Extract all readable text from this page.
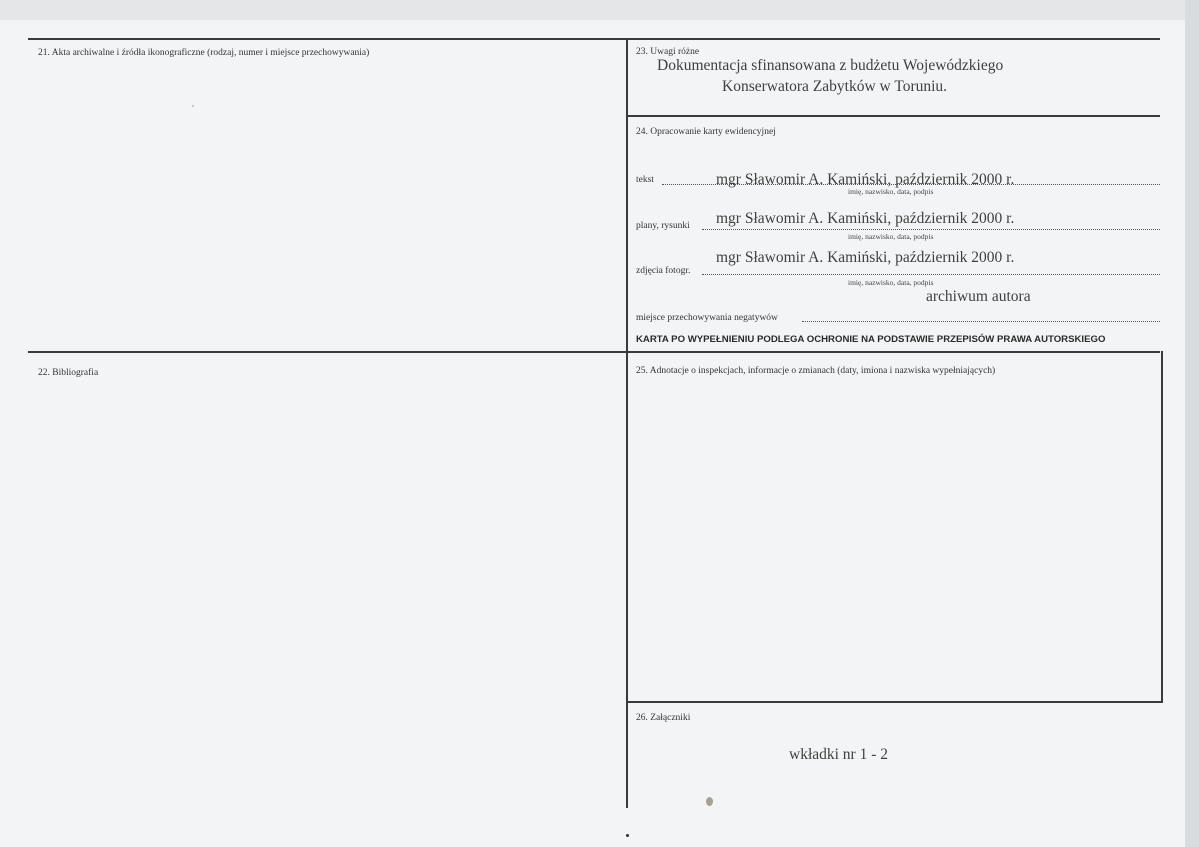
21. Akta archiwalne i źródła ikonograficzne (rodzaj, numer i miejsce przechowywania)
22. Bibliografia
23. Uwagi różne
Dokumentacja sfinansowana z budżetu Wojewódzkiego
Konserwatora Zabytków w Toruniu.
24. Opracowanie karty ewidencyjnej
tekst	mgr Sławomir A. Kamiński, październik 2000 r.
imię, nazwisko, data, podpis
plany, rysunki mgr Sławomir A. Kamiński, październik 2000 r.
imię, nazwisko, data, podpis
zdjęcia fotogr.
mgr Sławomir A. Kamiński, październik 2000 r.
imię, nazwisko, data, podpis
archiwum autora
miejsce przechowywania negatywów
KARTA PO WYPEŁNIENIU PODLEGA OCHRONIE NA PODSTAWIE PRZEPISÓW PRAWA AUTORSKIEGO
25. Adnotacje o inspekcjach, informacje o zmianach (daty, imiona i nazwiska wypełniających)
26. Załączniki
wkładki nr 1 - 2
